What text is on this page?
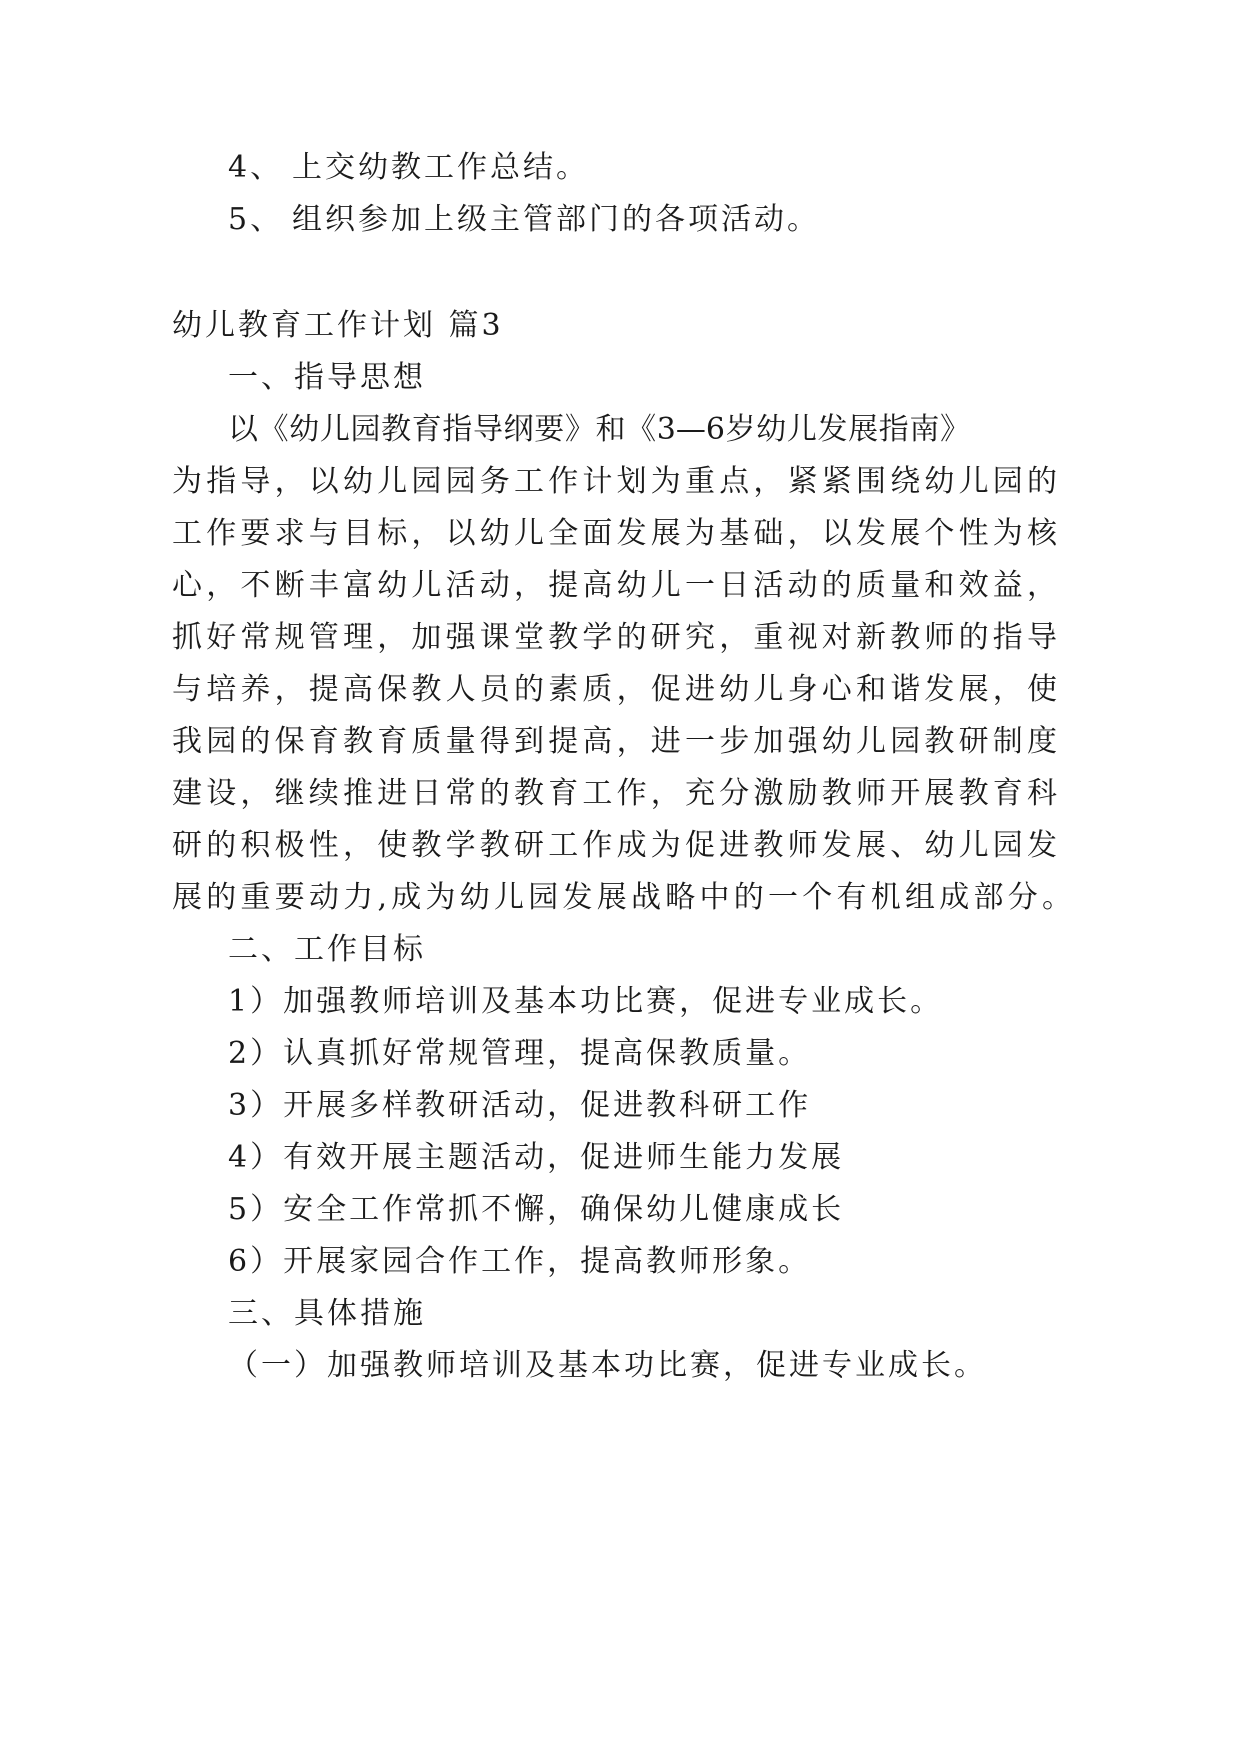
4、 上交幼教工作总结。
5、 组织参加上级主管部门的各项活动。
幼儿教育工作计划 篇3
一、指导思想
以《幼儿园教育指导纲要》和《3—6岁幼儿发展指南》
为指导，以幼儿园园务工作计划为重点，紧紧围绕幼儿园的
工作要求与目标，以幼儿全面发展为基础，以发展个性为核
心，不断丰富幼儿活动，提高幼儿一日活动的质量和效益，
抓好常规管理，加强课堂教学的研究，重视对新教师的指导
与培养，提高保教人员的素质，促进幼儿身心和谐发展，使
我园的保育教育质量得到提高，进一步加强幼儿园教研制度
建设，继续推进日常的教育工作，充分激励教师开展教育科
研的积极性，使教学教研工作成为促进教师发展、幼儿园发
展的重要动力,成为幼儿园发展战略中的一个有机组成部分。
二、工作目标
1）加强教师培训及基本功比赛，促进专业成长。
2）认真抓好常规管理，提高保教质量。
3）开展多样教研活动，促进教科研工作
4）有效开展主题活动，促进师生能力发展
5）安全工作常抓不懈，确保幼儿健康成长
6）开展家园合作工作，提高教师形象。
三、具体措施
（一）加强教师培训及基本功比赛，促进专业成长。
